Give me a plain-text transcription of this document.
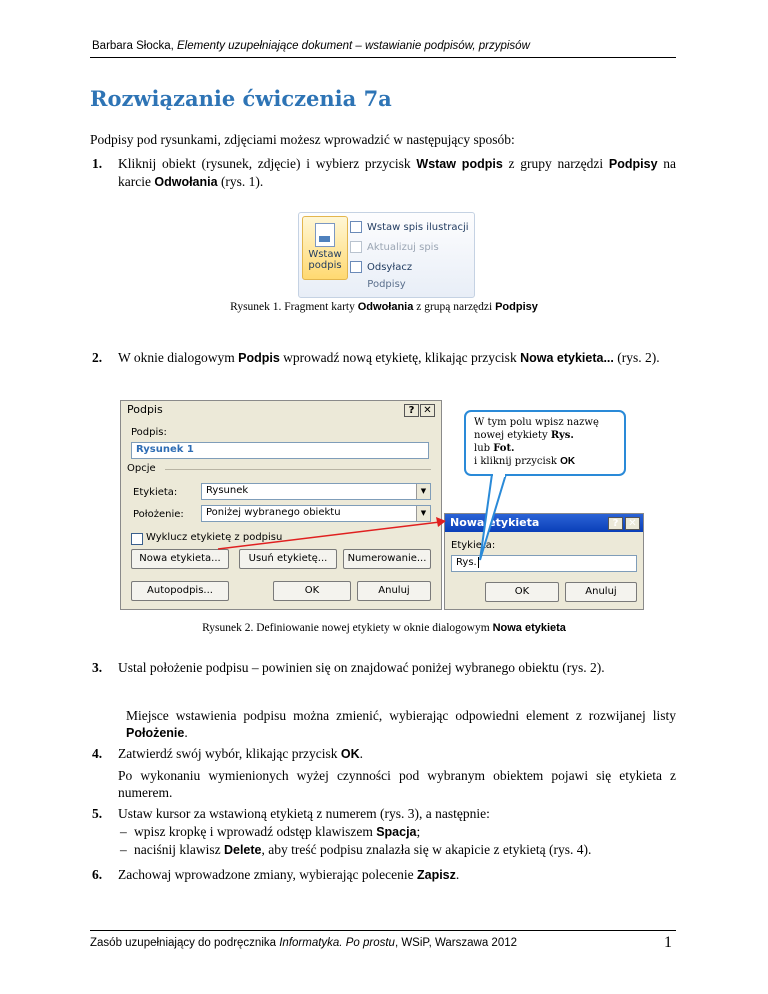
Barbara Słocka, Elementy uzupełniające dokument – wstawianie podpisów, przypisów
Rozwiązanie ćwiczenia 7a
Podpisy pod rysunkami, zdjęciami możesz wprowadzić w następujący sposób:
1. Kliknij obiekt (rysunek, zdjęcie) i wybierz przycisk Wstaw podpis z grupy narzędzi Podpisy na karcie Odwołania (rys. 1).
Wstaw podpis
Wstaw spis ilustracji
Aktualizuj spis
Odsyłacz
Podpisy
Rysunek 1. Fragment karty Odwołania z grupą narzędzi Podpisy
2. W oknie dialogowym Podpis wprowadź nową etykietę, klikając przycisk Nowa etykieta... (rys. 2).
Podpis	? ✕
Podpis:
Rysunek 1
Opcje
Etykieta:	Rysunek	▼
Położenie:	Poniżej wybranego obiektu	▼
Wyklucz etykietę z podpisu
Nowa etykieta...	Usuń etykietę...	Numerowanie...
Autopodpis...	OK	Anuluj
Nowa etykieta	? ✕
Etykieta:
Rys.
OK	Anuluj
W tym polu wpisz nazwę
nowej etykiety Rys.
lub Fot.
i kliknij przycisk OK
Rysunek 2. Definiowanie nowej etykiety w oknie dialogowym Nowa etykieta
3. Ustal położenie podpisu – powinien się on znajdować poniżej wybranego obiektu (rys. 2).
Miejsce wstawienia podpisu można zmienić, wybierając odpowiedni element z rozwijanej listy Położenie.
4. Zatwierdź swój wybór, klikając przycisk OK.
Po wykonaniu wymienionych wyżej czynności pod wybranym obiektem pojawi się etykieta z numerem.
5. Ustaw kursor za wstawioną etykietą z numerem (rys. 3), a następnie:
– wpisz kropkę i wprowadź odstęp klawiszem Spacja;
– naciśnij klawisz Delete, aby treść podpisu znalazła się w akapicie z etykietą (rys. 4).
6. Zachowaj wprowadzone zmiany, wybierając polecenie Zapisz.
Zasób uzupełniający do podręcznika Informatyka. Po prostu, WSiP, Warszawa 2012	1
